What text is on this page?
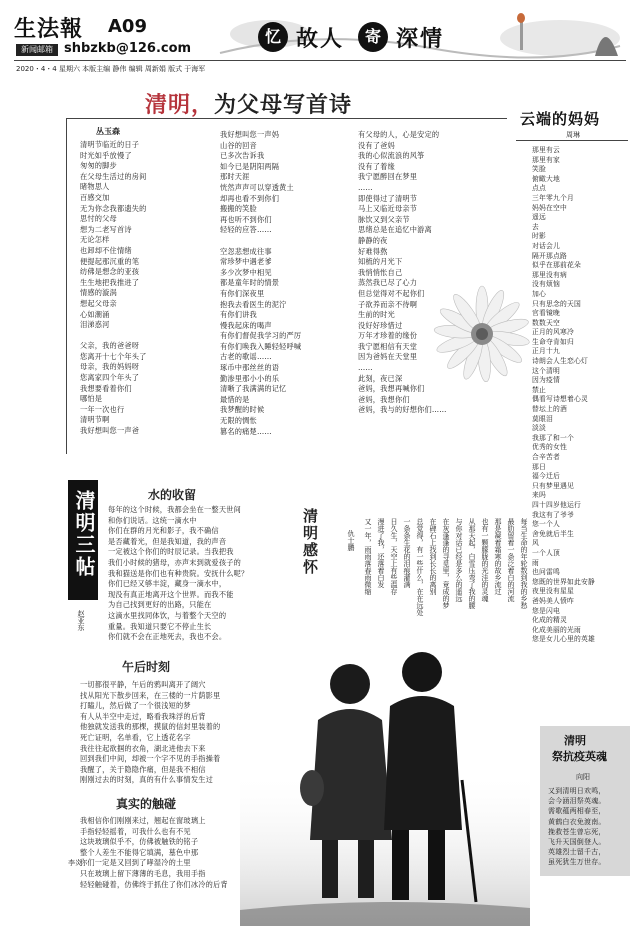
生法報 A09
新闻邮箱 shbzkb@126.com
2020・4・4 星期六 本版主编 静伟 编辑 周新娟 版式 于海军
忆 故人	寄 深情
清明，为父母写首诗
丛玉森
清明节临近的日子
时光如乎放慢了
匆匆的脚步
在父母生活过的房间
睹物思人
百感交加
无为你念我都遗失的
思忖的父母
想为二老写首诗
无论怎样
也卸却不住情绪
便提起那沉重的笔
纺佛是想念的亚孩
生生地把我推进了
情感的漩涡
想起父母亲
心如潮涌
泪涕惑河

父亲，我的爸爸呀
您离开十七个年头了
母亲，我的妈妈呀
您离家四个年头了
我想要看着你们
哪怕是
一年一次也行
清明节啊
我好想叫您一声爸
我好想叫您一声妈
山谷的回音
已多次告诉我
如今已是阴阳两隔
那时天涯
恍然声声可以穿透黄土
却再也看不到你们
搬搬的笑脸
再也听不到你们
轻轻的应答……

空忽悲想成往事
常珍梦中遇老爹
多少次梦中相见
都是童年时的情景
有你们深夜里
抱我去看医生的泥泞
有你们讲我
慢我起床的喝声
有你们督促我学习的严厉
有你们唤我入睡轻轻呼喊
古老的歌谣……
琢币中那丝丝的语
勤渗里那小小的乐
清晰了我满满的记忆
最惜的是
我梦醒的时候
无限的惆怅
篡名的痛楚……
有父母的人，心是安定的
没有了爸妈
我的心似流浪的风筝
没有了着缘
我宁愿醉回在梦里
……
即使得过了清明节
马上又临近母亲节
脉饮又到父亲节
思绪总是在追忆中游离
静静的夜
好难得熬
知梳的月光下
我悄悄怅自己
蒸然我已尽了心力
但总觉得对不起你们
子欲养而亲不待啊
生前的时光
没好好珍惜过
万年才珍着的缘份
我宁愿相信有天堂
因为爸妈在天堂里
……
此刻，夜已深
爸妈，我想再喊你们
爸妈，我想你们
爸妈，我与的好想你们……
云端的妈妈
周琳
那里有云
那里有家
笑脸
俯瞰大地
点点
三年零九个月
妈妈在空中
遥远
去
时影
对话会儿
隔开那点路
似乎在那前花朵
那里没有病
没有烦恼
加心
只有思念的天国
官看镜晚
数数天空
正月的风寒冷
生命夺肯如归
正月十九
诗朗会人生恋心灯
这个清明
因为疫情
禁止
偶看写诗想着心灵
替坛上的酒
莫眼泪
淡淡
我那了和一个
优秀的女性
合辛苦者
那日
福今迁后
只有梦里遇见
来吗
四十四岁他运行
我这有了爷爷
您一个人
舍免就后半生
风
一个人顶
雨
也问雷鸣
您既的世界如此安静
夜里没有星星
爸妈美人愤咋
您是闪电
化成的精灵
化成美丽的光雨
您是女儿心里的英雄
清明三帖
赵亚东
水的收留
每年的这个时候，我都会坐在一整天世间
和你们说话。这统一滴水中
你们在群的月光和影子，我不确信
是否藏着光，但是我知道，我的声音
一定被这个你们的时辰记录。当我把我
我们小时候的猪母，亦声末到就爱孩子的
我和猫送是你们也有种贵院。安抚什么呢？
你们已经又够丰淀，藏身一滴水中，
现没有真正地离开这个世界。而我不能
为自己找到更好的出路，只能在
这滴水里找同体饮，与着整个天空的
重量。我知道只要它不停止生长
你们就不会在正地死去，我也不会。
午后时刻
一切都很平静，午后的鸦叫离开了阔穴
找从阳光下散步回来，在三楼的一片荫影里
打瞌儿，然后做了一个很浅短的梦
有人从半空中走过，略看我珠浮的后背
他独就发送我的那棵，摸鼠的信封里装着的
死亡证明，名单看，它上透花名字
我往往起欲掴的衣角，湖北进他去下来
回到我们中间，却被一个字不见的手指操着
我醒了，关于隐隐作痛，但是我不相信
刚刚过去的时刻，真的有什么事情发生过
真实的触碰
我相信你们刚刚来过，翘起在窗玻璃上
手指轻轻摇着，可我什么也有不见
这块玻璃似乎不，仿佛被触铁的铭子
整个人差生不能得它填满，墓色中那
你们一定是又回到了哮湿冷的土里
只在玻璃上留下薄薄的毛息，我用手指
轻轻触碰着，仿佛终于抓住了你们冰冷的后背
李炎
清明感怀	仇士鹏	每当生命的年轮数到我的乡愁
最肋留着一条泛着白的河流
那是凝着霜寒的故乡流过
也有一颗朦胧的光洼的灵魂
从那天起，白雪压弯了我的腰
与你对话已经是多么的遥远
在灰蓬蓬的寻觅里，竟成的梦
在碑石上找到长长的离别
总觉得，有一些什么，在在远处
一条条生花的泪痕灌满
日久生，天空上有些温存
漫进了我，还落着白发
又一年，雨雨落春雨微缩
清明
祭抗疫英魂
向阳
又到清明日欢鸣，
会今涵泪祭英魂。
需歌蕴两相春至，
黄鹤白衣免渡南。
挽救苍生曾忘死，
飞升天国倒登人。
英雄烈士留千古，
虽死犹生万世存。
